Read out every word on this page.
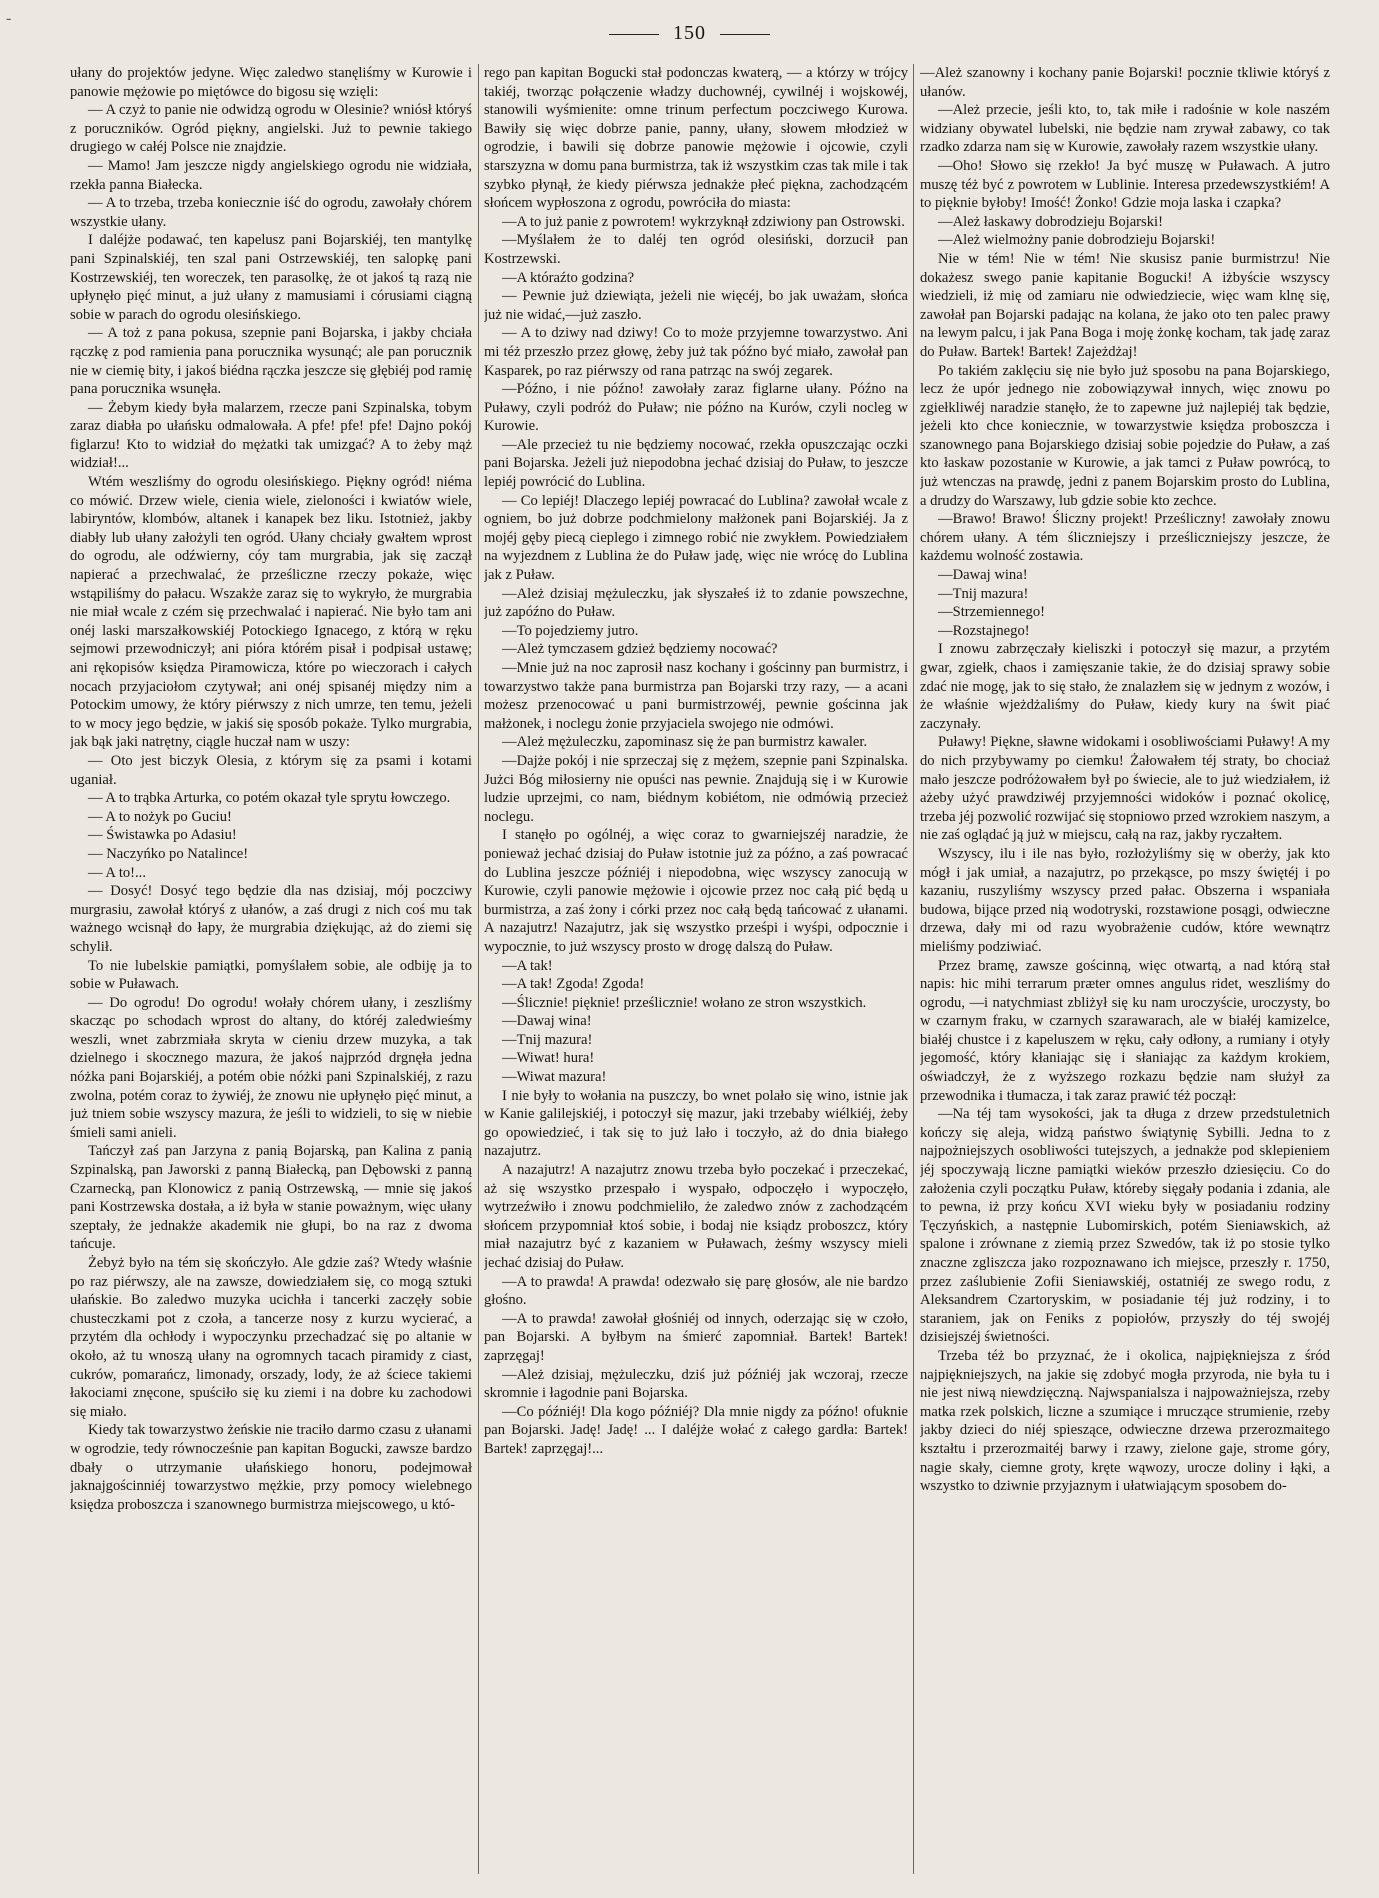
-
150

ułany do projektów jedyne. Więc zaledwo stanęliśmy w Kurowie i panowie mężowie po miętówce do bigosu się wzięli:

— A czyż to panie nie odwidzą ogrodu w Olesinie? wniósł któryś z poruczników. Ogród piękny, angielski. Już to pewnie takiego drugiego w całéj Polsce nie znajdzie.

— Mamo! Jam jeszcze nigdy angielskiego ogrodu nie widziała, rzekła panna Białecka.

— A to trzeba, trzeba koniecznie iść do ogrodu, zawołały chórem wszystkie ułany.

I daléjże podawać, ten kapelusz pani Bojarskiéj, ten mantylkę pani Szpinalskiéj, ten szal pani Ostrzewskiéj, ten salopkę pani Kostrzewskiéj, ten woreczek, ten parasolkę, że ot jakoś tą razą nie upłynęło pięć minut, a już ułany z mamusiami i córusiami ciągną sobie w parach do ogrodu olesińskiego.

— A toż z pana pokusa, szepnie pani Bojarska, i jakby chciała rączkę z pod ramienia pana porucznika wysunąć; ale pan porucznik nie w ciemię bity, i jakoś biédna rączka jeszcze się głębiéj pod ramię pana porucznika wsunęła.

— Żebym kiedy była malarzem, rzecze pani Szpinalska, tobym zaraz diabła po ułańsku odmalowała. A pfe! pfe! pfe! Dajno pokój figlarzu! Kto to widział do mężatki tak umizgać? A to żeby mąż widział!...

Wtém weszliśmy do ogrodu olesińskiego. Piękny ogród! niéma co mówić. Drzew wiele, cienia wiele, zieloności i kwiatów wiele, labiryntów, klombów, altanek i kanapek bez liku. Istotnież, jakby diabły lub ułany założyli ten ogród. Ułany chciały gwałtem wprost do ogrodu, ale odźwierny, cóy tam murgrabia, jak się zaczął napierać a przechwalać, że prześliczne rzeczy pokaże, więc wstąpiliśmy do pałacu. Wszakże zaraz się to wykryło, że murgrabia nie miał wcale z czém się przechwalać i napierać. Nie było tam ani onéj laski marszałkowskiéj Potockiego Ignacego, z którą w ręku sejmowi przewodniczył; ani pióra którém pisał i podpisał ustawę; ani rękopisów księdza Piramowicza, które po wieczorach i całych nocach przyjaciołom czytywał; ani onéj spisanéj między nim a Potockim umowy, że który piérwszy z nich umrze, ten temu, jeżeli to w mocy jego będzie, w jakiś się sposób pokaże. Tylko murgrabia, jak bąk jaki natrętny, ciągle huczał nam w uszy:

— Oto jest biczyk Olesia, z którym się za psami i kotami uganiał.

— A to trąbka Arturka, co potém okazał tyle sprytu łowczego.

— A to nożyk po Guciu!

— Świstawka po Adasiu!

— Naczyńko po Natalince!

— A to!...

— Dosyć! Dosyć tego będzie dla nas dzisiaj, mój poczciwy murgrasiu, zawołał któryś z ułanów, a zaś drugi z nich coś mu tak ważnego wcisnął do łapy, że murgrabia dziękując, aż do ziemi się schylił.

To nie lubelskie pamiątki, pomyślałem sobie, ale odbiję ja to sobie w Puławach.

— Do ogrodu! Do ogrodu! wołały chórem ułany, i zeszliśmy skacząc po schodach wprost do altany, do któréj zaledwieśmy weszli, wnet zabrzmiała skryta w cieniu drzew muzyka, a tak dzielnego i skocznego mazura, że jakoś najprzód drgnęła jedna nóżka pani Bojarskiéj, a potém obie nóżki pani Szpinalskiéj, z razu zwolna, potém coraz to żywiéj, że znowu nie upłynęło pięć minut, a już tniem sobie wszyscy mazura, że jeśli to widzieli, to się w niebie śmieli sami anieli.

Tańczył zaś pan Jarzyna z panią Bojarską, pan Kalina z panią Szpinalską, pan Jaworski z panną Białecką, pan Dębowski z panną Czarnecką, pan Klonowicz z panią Ostrzewską, — mnie się jakoś pani Kostrzewska dostała, a iż była w stanie poważnym, więc ułany szeptały, że jednakże akademik nie głupi, bo na raz z dwoma tańcuje.

Żebyż było na tém się skończyło. Ale gdzie zaś? Wtedy właśnie po raz piérwszy, ale na zawsze, dowiedziałem się, co mogą sztuki ułańskie. Bo zaledwo muzyka ucichła i tancerki zaczęły sobie chusteczkami pot z czoła, a tancerze nosy z kurzu wycierać, a przytém dla ochłody i wypoczynku przechadzać się po altanie w około, aż tu wnoszą ułany na ogromnych tacach piramidy z ciast, cukrów, pomarańcz, limonady, orszady, lody, że aż ściece takiemi łakociami znęcone, spuściło się ku ziemi i na dobre ku zachodowi się miało.

Kiedy tak towarzystwo żeńskie nie traciło darmo czasu z ułanami w ogrodzie, tedy równocześnie pan kapitan Bogucki, zawsze bardzo dbały o utrzymanie ułańskiego honoru, podejmował jaknajgościnniéj towarzystwo mężkie, przy pomocy wielebnego księdza proboszcza i szanownego burmistrza miejscowego, u któ-

rego pan kapitan Bogucki stał podonczas kwaterą, — a którzy w trójcy takiéj, tworząc połączenie władzy duchownéj, cywilnéj i wojskowéj, stanowili wyśmienite: omne trinum perfectum poczciwego Kurowa. Bawiły się więc dobrze panie, panny, ułany, słowem młodzież w ogrodzie, i bawili się dobrze panowie mężowie i ojcowie, czyli starszyzna w domu pana burmistrza, tak iż wszystkim czas tak mile i tak szybko płynął, że kiedy piérwsza jednakże płeć piękna, zachodzącém słońcem wypłoszona z ogrodu, powróciła do miasta:

—A to już panie z powrotem! wykrzyknął zdziwiony pan Ostrowski.

—Myślałem że to daléj ten ogród olesiński, dorzucił pan Kostrzewski.

—A któraźto godzina?

— Pewnie już dziewiąta, jeżeli nie więcéj, bo jak uważam, słońca już nie widać,—już zaszło.

— A to dziwy nad dziwy! Co to może przyjemne towarzystwo. Ani mi téż przeszło przez głowę, żeby już tak późno być miało, zawołał pan Kasparek, po raz piérwszy od rana patrząc na swój zegarek.

—Późno, i nie późno! zawołały zaraz figlarne ułany. Późno na Puławy, czyli podróż do Puław; nie późno na Kurów, czyli nocleg w Kurowie.

—Ale przecież tu nie będziemy nocować, rzekła opuszczając oczki pani Bojarska. Jeżeli już niepodobna jechać dzisiaj do Puław, to jeszcze lepiéj powrócić do Lublina.

— Co lepiéj! Dlaczego lepiéj powracać do Lublina? zawołał wcale z ogniem, bo już dobrze podchmielony małżonek pani Bojarskiéj. Ja z mojéj gęby piecą cieplego i zimnego robić nie zwykłem. Powiedziałem na wyjezdnem z Lublina że do Puław jadę, więc nie wrócę do Lublina jak z Puław.

—Ależ dzisiaj mężuleczku, jak słyszałeś iż to zdanie powszechne, już zapóźno do Puław.

—To pojedziemy jutro.

—Ależ tymczasem gdzież będziemy nocować?

—Mnie już na noc zaprosił nasz kochany i gościnny pan burmistrz, i towarzystwo także pana burmistrza pan Bojarski trzy razy, — a acani możesz przenocować u pani burmistrzowéj, pewnie gościnna jak małżonek, i noclegu żonie przyjaciela swojego nie odmówi.

—Ależ mężuleczku, zapominasz się że pan burmistrz kawaler.

—Dajże pokój i nie sprzeczaj się z mężem, szepnie pani Szpinalska. Jużci Bóg miłosierny nie opuści nas pewnie. Znajdują się i w Kurowie ludzie uprzejmi, co nam, biédnym kobiétom, nie odmówią przecież noclegu.

I stanęło po ogólnéj, a więc coraz to gwarniejszéj naradzie, że ponieważ jechać dzisiaj do Puław istotnie już za późno, a zaś powracać do Lublina jeszcze późniéj i niepodobna, więc wszyscy zanocują w Kurowie, czyli panowie mężowie i ojcowie przez noc całą pić będą u burmistrza, a zaś żony i córki przez noc całą będą tańcować z ułanami. A nazajutrz! Nazajutrz, jak się wszystko prześpi i wyśpi, odpocznie i wypocznie, to już wszyscy prosto w drogę dalszą do Puław.

—A tak!

—A tak! Zgoda! Zgoda!

—Ślicznie! pięknie! prześlicznie! wołano ze stron wszystkich.

—Dawaj wina!

—Tnij mazura!

—Wiwat! hura!

—Wiwat mazura!

I nie były to wołania na puszczy, bo wnet polało się wino, istnie jak w Kanie galilejskiéj, i potoczył się mazur, jaki trzebaby wiélkiéj, żeby go opowiedzieć, i tak się to już lało i toczyło, aż do dnia białego nazajutrz.

A nazajutrz! A nazajutrz znowu trzeba było poczekać i przeczekać, aż się wszystko przespało i wyspało, odpoczęło i wypoczęło, wytrzeźwiło i znowu podchmieliło, że zaledwo znów z zachodzącém słońcem przypomniał ktoś sobie, i bodaj nie ksiądz proboszcz, który miał nazajutrz być z kazaniem w Puławach, żeśmy wszyscy mieli jechać dzisiaj do Puław.

—A to prawda! A prawda! odezwało się parę głosów, ale nie bardzo głośno.

—A to prawda! zawołał głośniéj od innych, oderzając się w czoło, pan Bojarski. A byłbym na śmierć zapomniał. Bartek! Bartek! zaprzęgaj!

—Ależ dzisiaj, mężuleczku, dziś już późniéj jak wczoraj, rzecze skromnie i łagodnie pani Bojarska.

—Co późniéj! Dla kogo późniéj? Dla mnie nigdy za późno! ofuknie pan Bojarski. Jadę! Jadę! ... I daléjże wołać z całego gardła: Bartek! Bartek! zaprzęgaj!...

—Ależ szanowny i kochany panie Bojarski! pocznie tkliwie któryś z ułanów.

—Ależ przecie, jeśli kto, to, tak miłe i radośnie w kole naszém widziany obywatel lubelski, nie będzie nam zrywał zabawy, co tak rzadko zdarza nam się w Kurowie, zawołały razem wszystkie ułany.

—Oho! Słowo się rzekło! Ja być muszę w Puławach. A jutro muszę téż być z powrotem w Lublinie. Interesa przedewszystkiém! A to pięknie byłoby! Imość! Żonko! Gdzie moja laska i czapka?

—Ależ łaskawy dobrodzieju Bojarski!

—Ależ wielmożny panie dobrodzieju Bojarski!

Nie w tém! Nie w tém! Nie skusisz panie burmistrzu! Nie dokażesz swego panie kapitanie Bogucki! A iżbyście wszyscy wiedzieli, iż mię od zamiaru nie odwiedziecie, więc wam klnę się, zawołał pan Bojarski padając na kolana, że jako oto ten palec prawy na lewym palcu, i jak Pana Boga i moję żonkę kocham, tak jadę zaraz do Puław. Bartek! Bartek! Zajeżdżaj!

Po takiém zaklęciu się nie było już sposobu na pana Bojarskiego, lecz że upór jednego nie zobowiązywał innych, więc znowu po zgiełkliwéj naradzie stanęło, że to zapewne już najlepiéj tak będzie, jeżeli kto chce koniecznie, w towarzystwie księdza proboszcza i szanownego pana Bojarskiego dzisiaj sobie pojedzie do Puław, a zaś kto łaskaw pozostanie w Kurowie, a jak tamci z Puław powrócą, to już wtenczas na prawdę, jedni z panem Bojarskim prosto do Lublina, a drudzy do Warszawy, lub gdzie sobie kto zechce.

—Brawo! Brawo! Śliczny projekt! Prześliczny! zawołały znowu chórem ułany. A tém śliczniejszy i prześliczniejszy jeszcze, że każdemu wolność zostawia.

—Dawaj wina!

—Tnij mazura!

—Strzemiennego!

—Rozstajnego!

I znowu zabrzęczały kieliszki i potoczył się mazur, a przytém gwar, zgiełk, chaos i zamięszanie takie, że do dzisiaj sprawy sobie zdać nie mogę, jak to się stało, że znalazłem się w jednym z wozów, i że właśnie wjeżdżaliśmy do Puław, kiedy kury na świt piać zaczynały.

Puławy! Piękne, sławne widokami i osobliwościami Puławy! A my do nich przybywamy po ciemku! Żałowałem téj straty, bo chociaż mało jeszcze podróżowałem był po świecie, ale to już wiedziałem, iż ażeby użyć prawdziwéj przyjemności widoków i poznać okolicę, trzeba jéj pozwolić rozwijać się stopniowo przed wzrokiem naszym, a nie zaś oglądać ją już w miejscu, całą na raz, jakby ryczałtem.

Wszyscy, ilu i ile nas było, rozłożyliśmy się w oberży, jak kto mógł i jak umiał, a nazajutrz, po przekąsce, po mszy świętéj i po kazaniu, ruszyliśmy wszyscy przed pałac. Obszerna i wspaniała budowa, bijące przed nią wodotryski, rozstawione posągi, odwieczne drzewa, dały mi od razu wyobrażenie cudów, które wewnątrz mieliśmy podziwiać.

Przez bramę, zawsze gościnną, więc otwartą, a nad którą stał napis: hic mihi terrarum præter omnes angulus ridet, weszliśmy do ogrodu, —i natychmiast zbliżył się ku nam uroczyście, uroczysty, bo w czarnym fraku, w czarnych szarawarach, ale w białéj kamizelce, białéj chustce i z kapeluszem w ręku, cały odłony, a rumiany i otyły jegomość, który kłaniając się i słaniając za każdym krokiem, oświadczył, że z wyższego rozkazu będzie nam służył za przewodnika i tłumacza, i tak zaraz prawić téż począł:

—Na téj tam wysokości, jak ta długa z drzew przedstuletnich kończy się aleja, widzą państwo świątynię Sybilli. Jedna to z najpożniejszych osobliwości tutejszych, a jednakże pod sklepieniem jéj spoczywają liczne pamiątki wieków przeszło dziesięciu. Co do założenia czyli początku Puław, któreby sięgały podania i zdania, ale to pewna, iż przy końcu XVI wieku były w posiadaniu rodziny Tęczyńskich, a następnie Lubomirskich, potém Sieniawskich, aż spalone i zrównane z ziemią przez Szwedów, tak iż po stosie tylko znaczne zgliszcza jako rozpoznawano ich miejsce, przeszły r. 1750, przez zaślubienie Zofii Sieniawskiéj, ostatniéj ze swego rodu, z Aleksandrem Czartoryskim, w posiadanie téj już rodziny, i to staraniem, jak on Feniks z popiołów, przyszły do téj swojéj dzisiejszéj świetności.

Trzeba téż bo przyznać, że i okolica, najpiękniejsza z śród najpiękniejszych, na jakie się zdobyć mogła przyroda, nie była tu i nie jest niwą niewdzięczną. Najwspanialsza i najpoważniejsza, rzeby matka rzek polskich, liczne a szumiące i mruczące strumienie, rzeby jakby dzieci do niéj spieszące, odwieczne drzewa przerozmaitego kształtu i przerozmaitéj barwy i rzawy, zielone gaje, strome góry, nagie skały, ciemne groty, kręte wąwozy, urocze doliny i łąki, a wszystko to dziwnie przyjaznym i ułatwiającym sposobem do-
